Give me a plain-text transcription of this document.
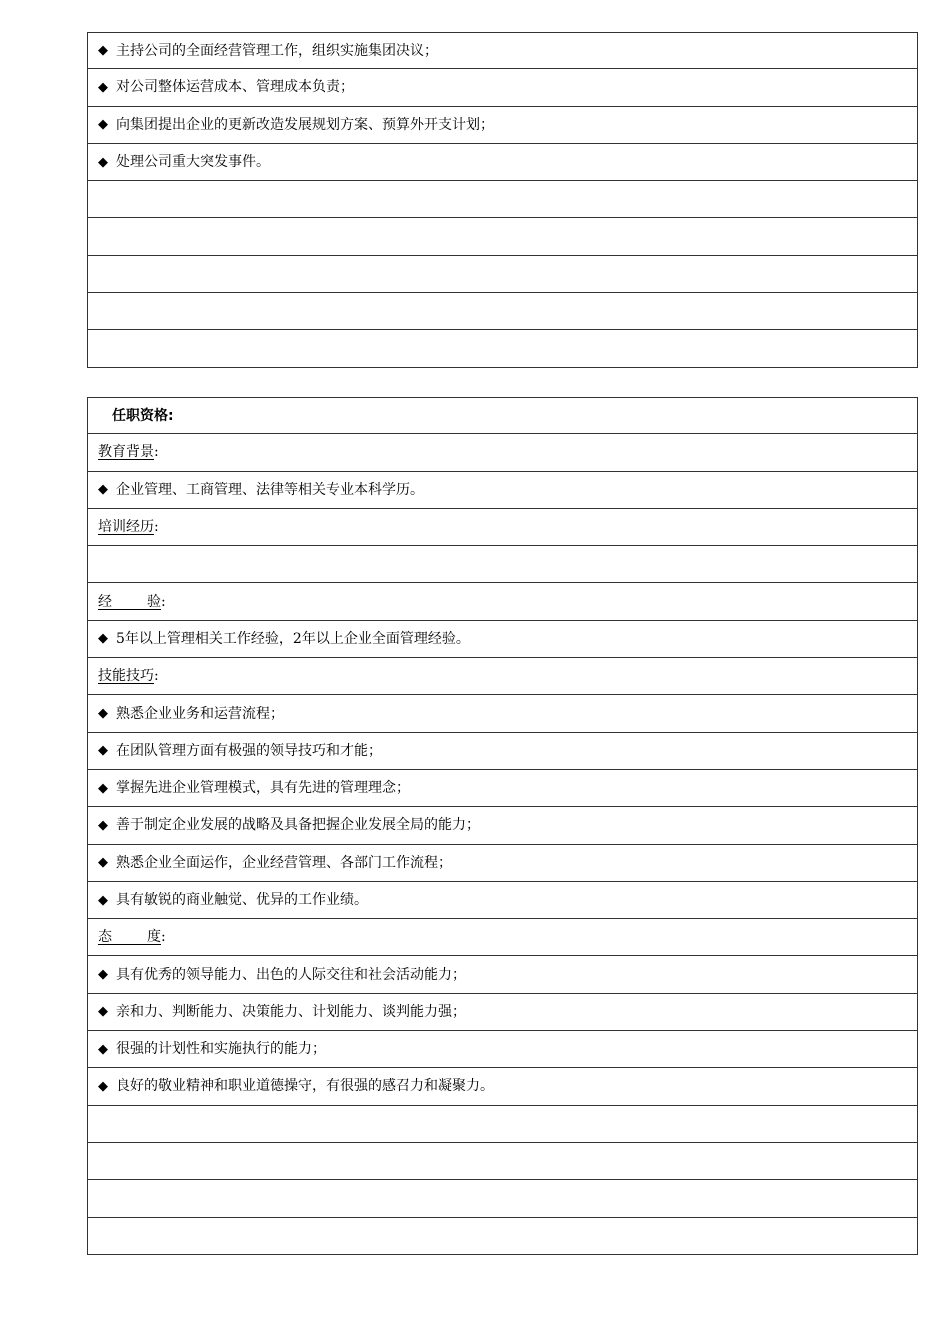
◆ 主持公司的全面经营管理工作，组织实施集团决议；
◆ 对公司整体运营成本、管理成本负责；
◆ 向集团提出企业的更新改造发展规划方案、预算外开支计划；
◆ 处理公司重大突发事件。
任职资格:
教育背景 :
◆ 企业管理、工商管理、法律等相关专业本科学历。
培训经历 :
经　　验 :
◆ 5年以上管理相关工作经验，2年以上企业全面管理经验。
技能技巧 :
◆ 熟悉企业业务和运营流程；
◆ 在团队管理方面有极强的领导技巧和才能；
◆ 掌握先进企业管理模式，具有先进的管理理念；
◆ 善于制定企业发展的战略及具备把握企业发展全局的能力；
◆ 熟悉企业全面运作，企业经营管理、各部门工作流程；
◆ 具有敏锐的商业触觉、优异的工作业绩。
态　　度 :
◆ 具有优秀的领导能力、出色的人际交往和社会活动能力；
◆ 亲和力、判断能力、决策能力、计划能力、谈判能力强；
◆ 很强的计划性和实施执行的能力；
◆ 良好的敬业精神和职业道德操守，有很强的感召力和凝聚力。
